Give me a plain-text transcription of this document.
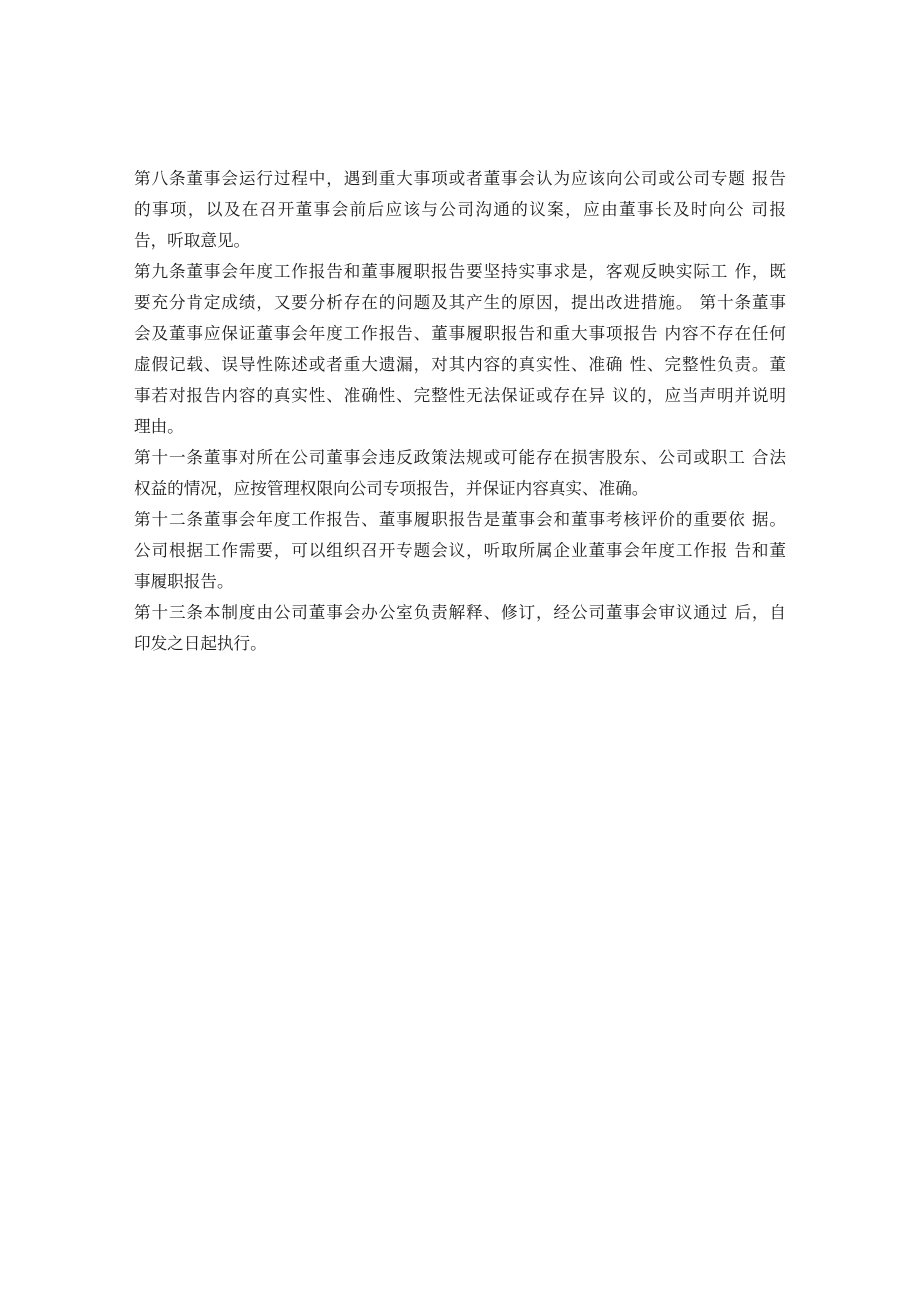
第八条董事会运行过程中，遇到重大事项或者董事会认为应该向公司或公司专题 报告
的事项，以及在召开董事会前后应该与公司沟通的议案，应由董事长及时向公 司报
告，听取意见。
第九条董事会年度工作报告和董事履职报告要坚持实事求是，客观反映实际工 作，既
要充分肯定成绩，又要分析存在的问题及其产生的原因，提出改进措施。 第十条董事
会及董事应保证董事会年度工作报告、董事履职报告和重大事项报告 内容不存在任何
虚假记载、误导性陈述或者重大遗漏，对其内容的真实性、准确 性、完整性负责。董
事若对报告内容的真实性、准确性、完整性无法保证或存在异 议的，应当声明并说明
理由。
第十一条董事对所在公司董事会违反政策法规或可能存在损害股东、公司或职工 合法
权益的情况，应按管理权限向公司专项报告，并保证内容真实、准确。
第十二条董事会年度工作报告、董事履职报告是董事会和董事考核评价的重要依 据。
公司根据工作需要，可以组织召开专题会议，听取所属企业董事会年度工作报 告和董
事履职报告。
第十三条本制度由公司董事会办公室负责解释、修订，经公司董事会审议通过 后，自
印发之日起执行。
